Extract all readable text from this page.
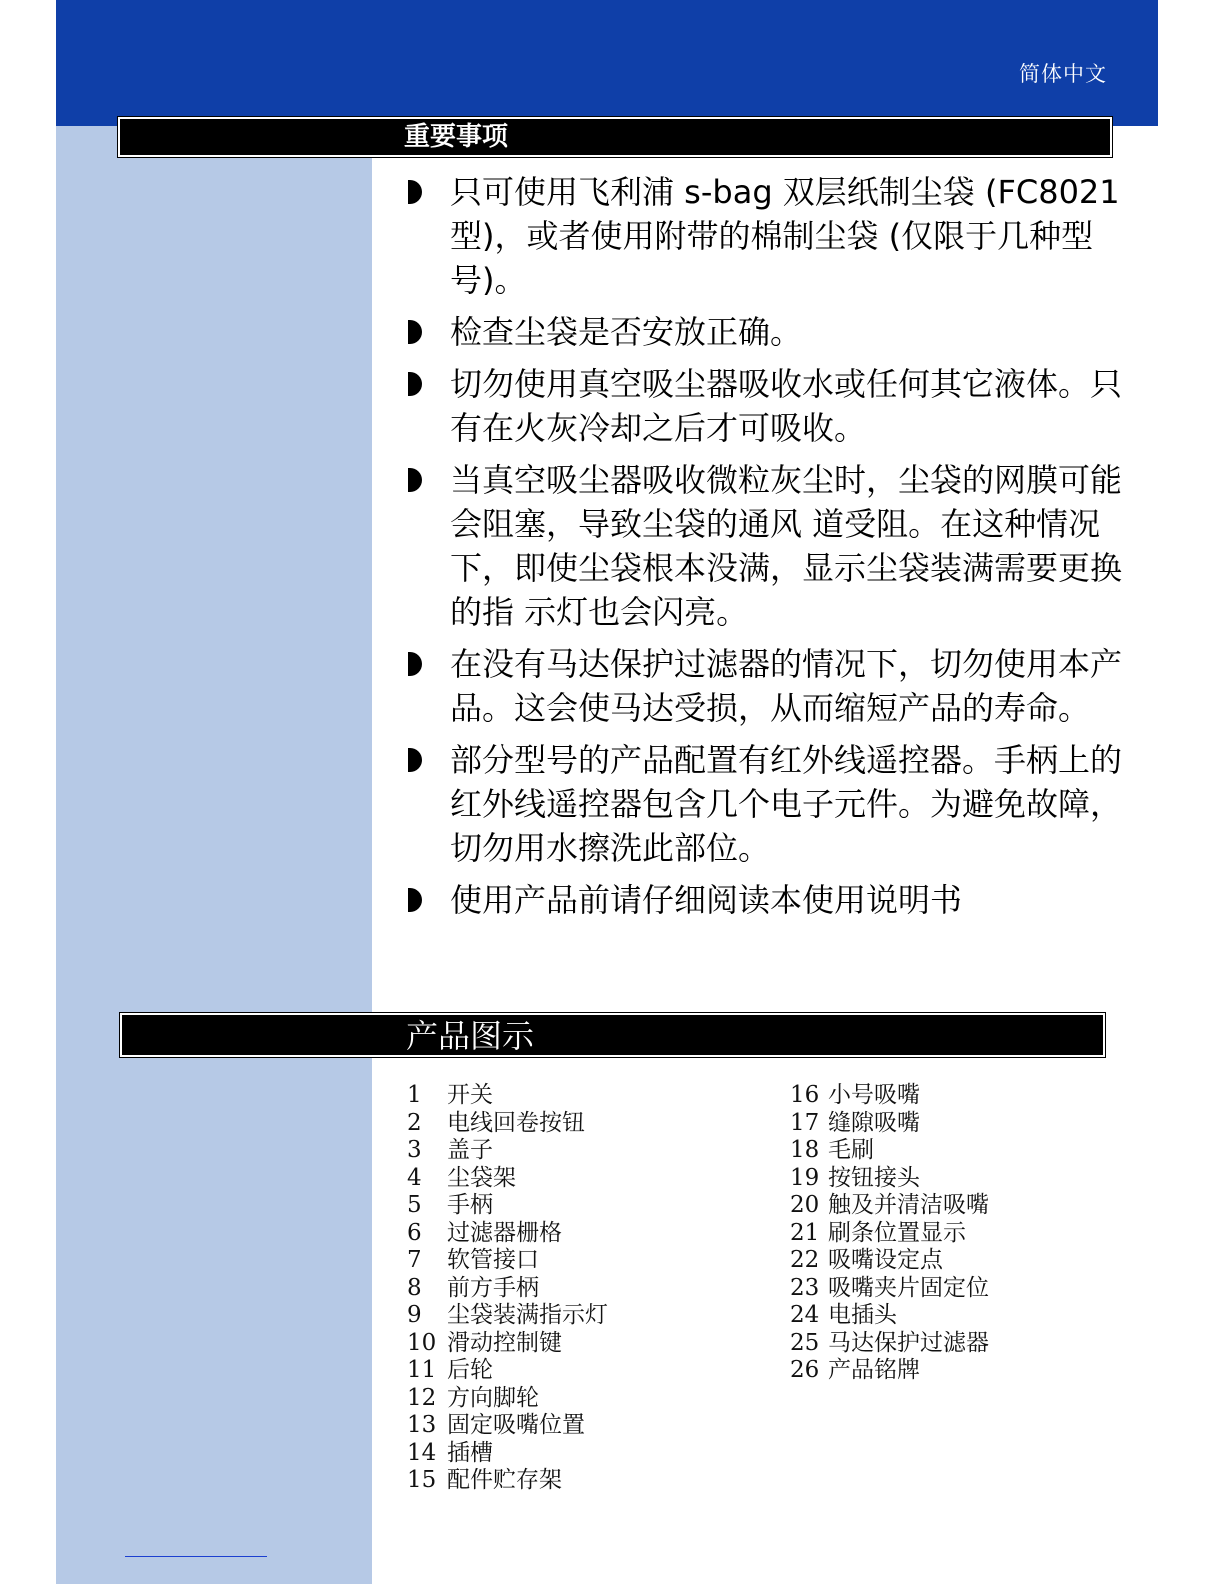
简体中文
重要事项
只可使用飞利浦 s-bag 双层纸制尘袋 (FC8021 型)，或者使用附带的棉制尘袋 (仅限于几种型号)。
检查尘袋是否安放正确。
切勿使用真空吸尘器吸收水或任何其它液体。只有在火灰冷却之后才可吸收。
当真空吸尘器吸收微粒灰尘时，尘袋的网膜可能会阻塞，导致尘袋的通风 道受阻。在这种情况下，即使尘袋根本没满，显示尘袋装满需要更换的指 示灯也会闪亮。
在没有马达保护过滤器的情况下，切勿使用本产品。这会使马达受损，从而缩短产品的寿命。
部分型号的产品配置有红外线遥控器。手柄上的红外线遥控器包含几个电子元件。为避免故障，切勿用水擦洗此部位。
使用产品前请仔细阅读本使用说明书
产品图示
1 开关
2 电线回卷按钮
3 盖子
4 尘袋架
5 手柄
6 过滤器栅格
7 软管接口
8 前方手柄
9 尘袋装满指示灯
10 滑动控制键
11 后轮
12 方向脚轮
13 固定吸嘴位置
14 插槽
15 配件贮存架
16 小号吸嘴
17 缝隙吸嘴
18 毛刷
19 按钮接头
20 触及并清洁吸嘴
21 刷条位置显示
22 吸嘴设定点
23 吸嘴夹片固定位
24 电插头
25 马达保护过滤器
26 产品铭牌
